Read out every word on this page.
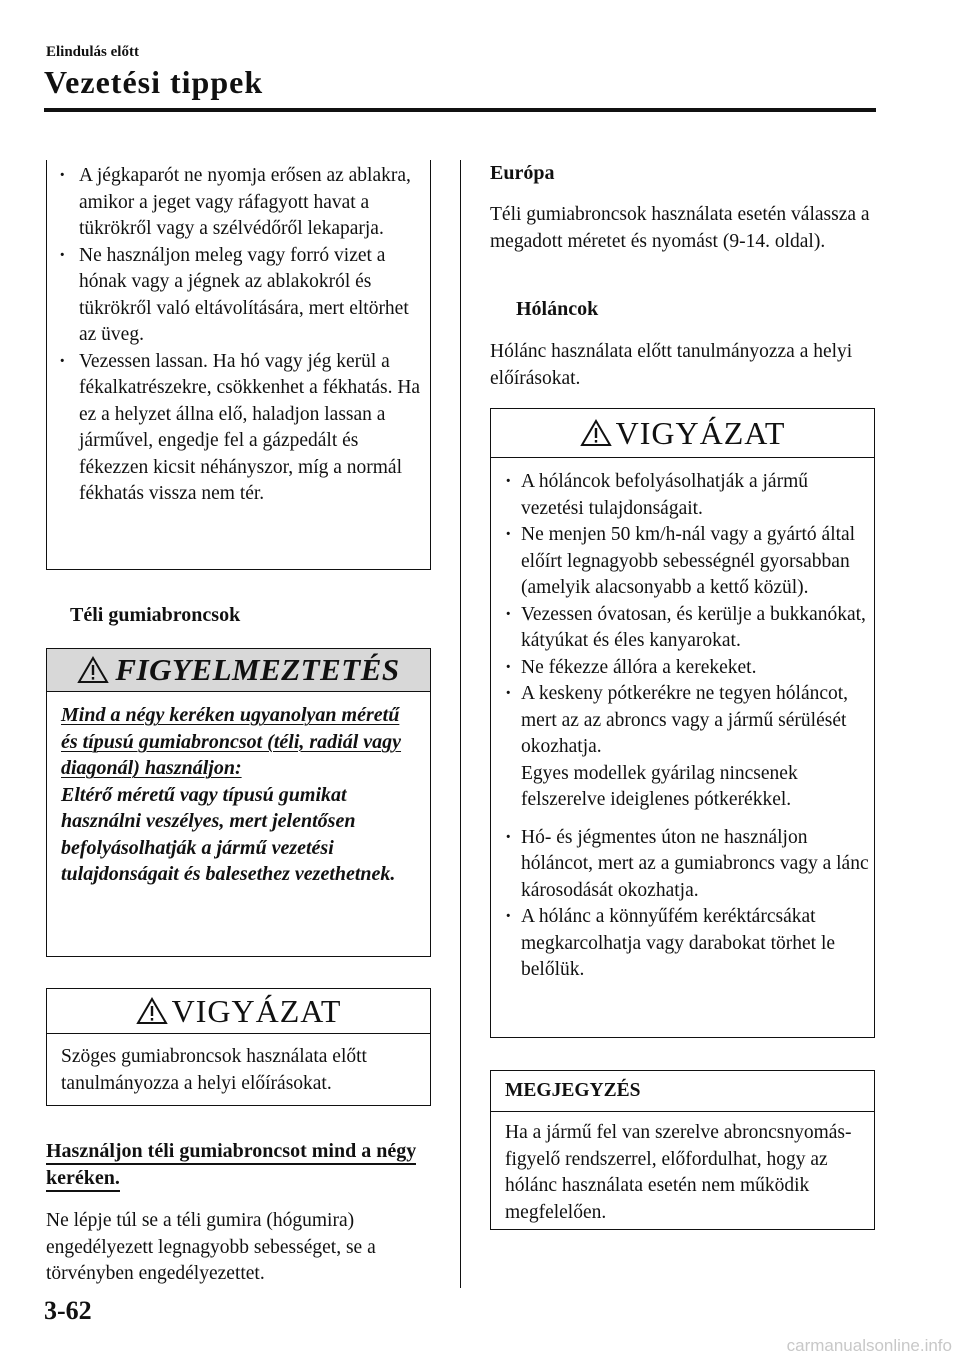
Elindulás előtt
Vezetési tippek
· A jégkaparót ne nyomja erősen az ablakra, amikor a jeget vagy ráfagyott havat a tükrökről vagy a szélvédőről lekaparja.
· Ne használjon meleg vagy forró vizet a hónak vagy a jégnek az ablakokról és tükrökről való eltávolítására, mert eltörhet az üveg.
· Vezessen lassan. Ha hó vagy jég kerül a fékalkatrészekre, csökkenhet a fékhatás. Ha ez a helyzet állna elő, haladjon lassan a járművel, engedje fel a gázpedált és fékezzen kicsit néhányszor, míg a normál fékhatás vissza nem tér.
Téli gumiabroncsok
FIGYELMEZTETÉS
Mind a négy keréken ugyanolyan méretű és típusú gumiabroncsot (téli, radiál vagy diagonál) használjon:
Eltérő méretű vagy típusú gumikat használni veszélyes, mert jelentősen befolyásolhatják a jármű vezetési tulajdonságait és balesethez vezethetnek.
VIGYÁZAT
Szöges gumiabroncsok használata előtt tanulmányozza a helyi előírásokat.
Használjon téli gumiabroncsot mind a négy keréken.
Ne lépje túl se a téli gumira (hógumira) engedélyezett legnagyobb sebességet, se a törvényben engedélyezettet.
Európa
Téli gumiabroncsok használata esetén válassza a megadott méretet és nyomást (9-14. oldal).
Hóláncok
Hólánc használata előtt tanulmányozza a helyi előírásokat.
VIGYÁZAT
· A hóláncok befolyásolhatják a jármű vezetési tulajdonságait.
· Ne menjen 50 km/h-nál vagy a gyártó által előírt legnagyobb sebességnél gyorsabban (amelyik alacsonyabb a kettő közül).
· Vezessen óvatosan, és kerülje a bukkanókat, kátyúkat és éles kanyarokat.
· Ne fékezze állóra a kerekeket.
· A keskeny pótkerékre ne tegyen hóláncot, mert az az abroncs vagy a jármű sérülését okozhatja.
Egyes modellek gyárilag nincsenek felszerelve ideiglenes pótkerékkel.
· Hó- és jégmentes úton ne használjon hóláncot, mert az a gumiabroncs vagy a lánc károsodását okozhatja.
· A hólánc a könnyűfém keréktárcsákat megkarcolhatja vagy darabokat törhet le belőlük.
MEGJEGYZÉS
Ha a jármű fel van szerelve abroncsnyomás-figyelő rendszerrel, előfordulhat, hogy az hólánc használata esetén nem működik megfelelően.
3-62
carmanualsonline.info
